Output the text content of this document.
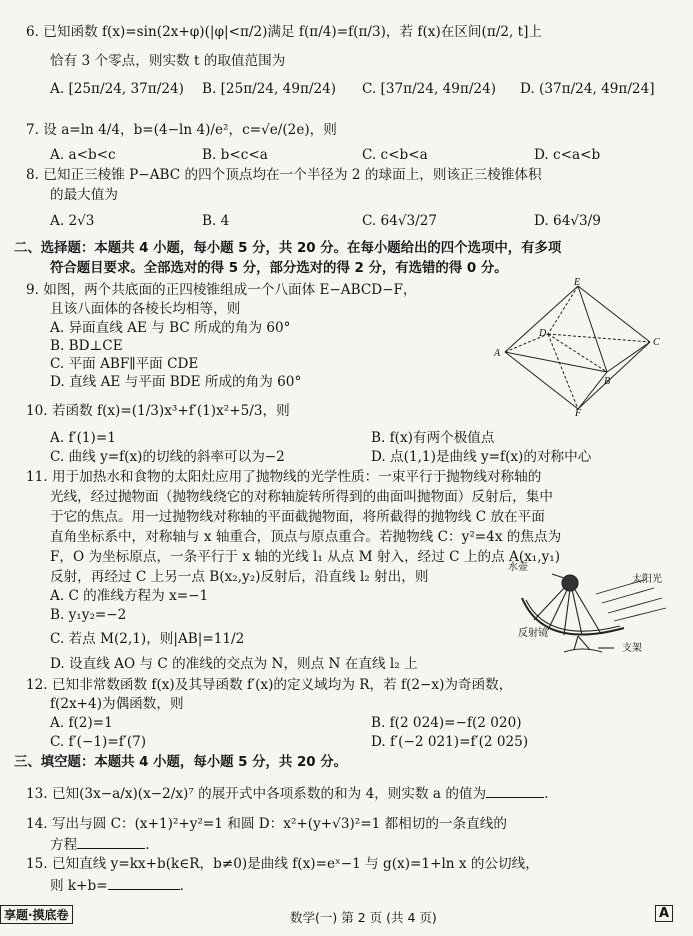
6. 已知函数 f(x)=sin(2x+φ)(|φ|<π/2)满足 f(π/4)=f(π/3)，若 f(x)在区间(π/2, t]上
恰有 3 个零点，则实数 t 的取值范围为
A. [25π/24, 37π/24) B. [25π/24, 49π/24) C. [37π/24, 49π/24) D. (37π/24, 49π/24]
7. 设 a=ln 4/4，b=(4−ln 4)/e²，c=√e/(2e)，则
A. a<b<c	B. b<c<a	C. c<b<a	D. c<a<b
8. 已知正三棱锥 P−ABC 的四个顶点均在一个半径为 2 的球面上，则该正三棱锥体积
的最大值为
A. 2√3	B. 4	C. 64√3/27	D. 64√3/9
二、选择题：本题共 4 小题，每小题 5 分，共 20 分。在每小题给出的四个选项中，有多项
符合题目要求。全部选对的得 5 分，部分选对的得 2 分，有选错的得 0 分。
9. 如图，两个共底面的正四棱锥组成一个八面体 E−ABCD−F，
且该八面体的各棱长均相等，则
A. 异面直线 AE 与 BC 所成的角为 60°
B. BD⊥CE
C. 平面 ABF∥平面 CDE
D. 直线 AE 与平面 BDE 所成的角为 60°
E
D
A
B
C
F
10. 若函数 f(x)=(1/3)x³+f′(1)x²+5/3，则
A. f′(1)=1	B. f(x)有两个极值点
C. 曲线 y=f(x)的切线的斜率可以为−2	D. 点(1,1)是曲线 y=f(x)的对称中心
11. 用于加热水和食物的太阳灶应用了抛物线的光学性质：一束平行于抛物线对称轴的
光线，经过抛物面（抛物线绕它的对称轴旋转所得到的曲面叫抛物面）反射后，集中
于它的焦点。用一过抛物线对称轴的平面截抛物面，将所截得的抛物线 C 放在平面
直角坐标系中，对称轴与 x 轴重合，顶点与原点重合。若抛物线 C：y²=4x 的焦点为
F，O 为坐标原点，一条平行于 x 轴的光线 l₁ 从点 M 射入，经过 C 上的点 A(x₁,y₁)
反射，再经过 C 上另一点 B(x₂,y₂)反射后，沿直线 l₂ 射出，则
A. C 的准线方程为 x=−1
B. y₁y₂=−2
C. 若点 M(2,1)，则|AB|=11/2
D. 设直线 AO 与 C 的准线的交点为 N，则点 N 在直线 l₂ 上
水壶
太阳光
反射镜
支架
12. 已知非常数函数 f(x)及其导函数 f′(x)的定义域均为 R，若 f(2−x)为奇函数，
f(2x+4)为偶函数，则
A. f(2)=1	B. f(2 024)=−f(2 020)
C. f′(−1)=f′(7)	D. f′(−2 021)=f′(2 025)
三、填空题：本题共 4 小题，每小题 5 分，共 20 分。
13. 已知(3x−a/x)(x−2/x)⁷ 的展开式中各项系数的和为 4，则实数 a 的值为	.
14. 写出与圆 C：(x+1)²+y²=1 和圆 D：x²+(y+√3)²=1 都相切的一条直线的
方程	.
15. 已知直线 y=kx+b(k∈R，b≠0)是曲线 f(x)=eˣ−1 与 g(x)=1+ln x 的公切线，
则 k+b=	.
享题·摸底卷	数学(一) 第 2 页 (共 4 页)	A
